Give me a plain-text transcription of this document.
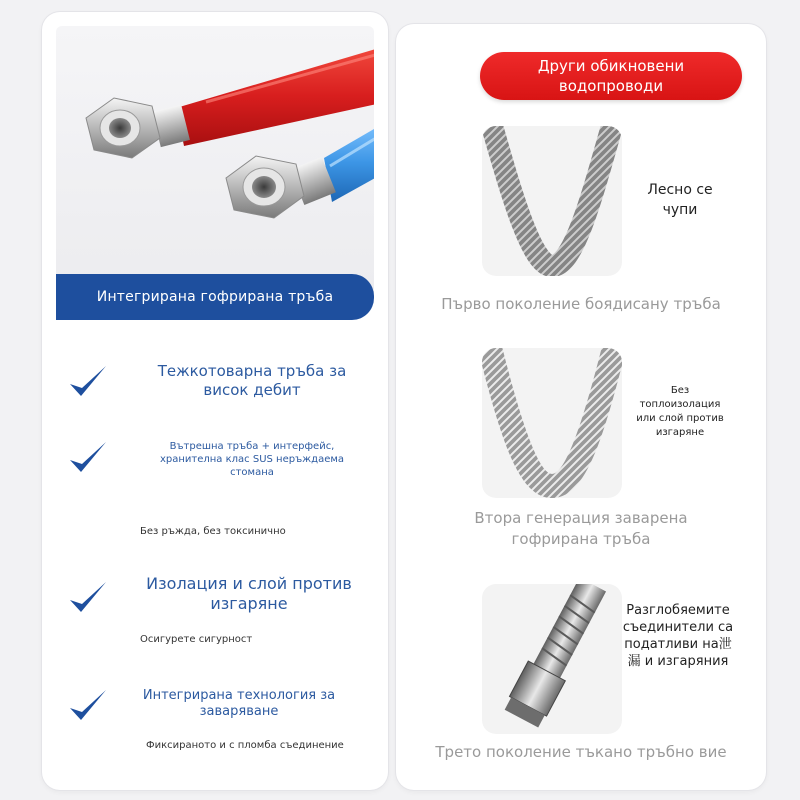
Интегрирана гофрирана тръба
Тежкотоварна тръба за висок дебит
Вътрешна тръба + интерфейс, хранителна клас SUS неръждаема стомана
Без ръжда, без токсинично
Изолация и слой против изгаряне
Осигурете сигурност
Интегрирана технология за заваряване
Фиксираното и с пломба съединение
Други обикновени водопроводи
Лесно се чупи
Първо поколение боядисану тръба
Без топлоизолация или слой против изгаряне
Втора генерация заварена гофрирана тръба
Разглобяемите съединители са податливи на泄漏 и изгаряния
Трето поколение тъкано тръбно вие
